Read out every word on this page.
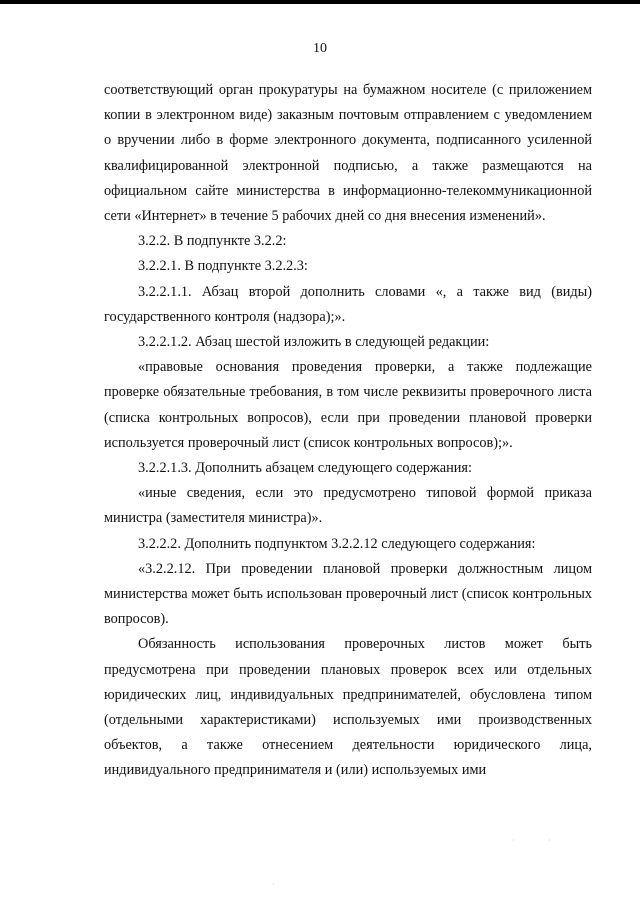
10

соответствующий орган прокуратуры на бумажном носителе (с приложением копии в электронном виде) заказным почтовым отправлением с уведомлением о вручении либо в форме электронного документа, подписанного усиленной квалифицированной электронной подписью, а также размещаются на официальном сайте министерства в информационно-телекоммуникационной сети «Интернет» в течение 5 рабочих дней со дня внесения изменений».

3.2.2. В подпункте 3.2.2:

3.2.2.1. В подпункте 3.2.2.3:

3.2.2.1.1. Абзац второй дополнить словами «, а также вид (виды) государственного контроля (надзора);».

3.2.2.1.2. Абзац шестой изложить в следующей редакции:

«правовые основания проведения проверки, а также подлежащие проверке обязательные требования, в том числе реквизиты проверочного листа (списка контрольных вопросов), если при проведении плановой проверки используется проверочный лист (список контрольных вопросов);».

3.2.2.1.3. Дополнить абзацем следующего содержания:

«иные сведения, если это предусмотрено типовой формой приказа министра (заместителя министра)».

3.2.2.2. Дополнить подпунктом 3.2.2.12 следующего содержания:

«3.2.2.12. При проведении плановой проверки должностным лицом министерства может быть использован проверочный лист (список контрольных вопросов).

Обязанность использования проверочных листов может быть предусмотрена при проведении плановых проверок всех или отдельных юридических лиц, индивидуальных предпринимателей, обусловлена типом (отдельными характеристиками) используемых ими производственных объектов, а также отнесением деятельности юридического лица, индивидуального предпринимателя и (или) используемых ими

·	·
·
